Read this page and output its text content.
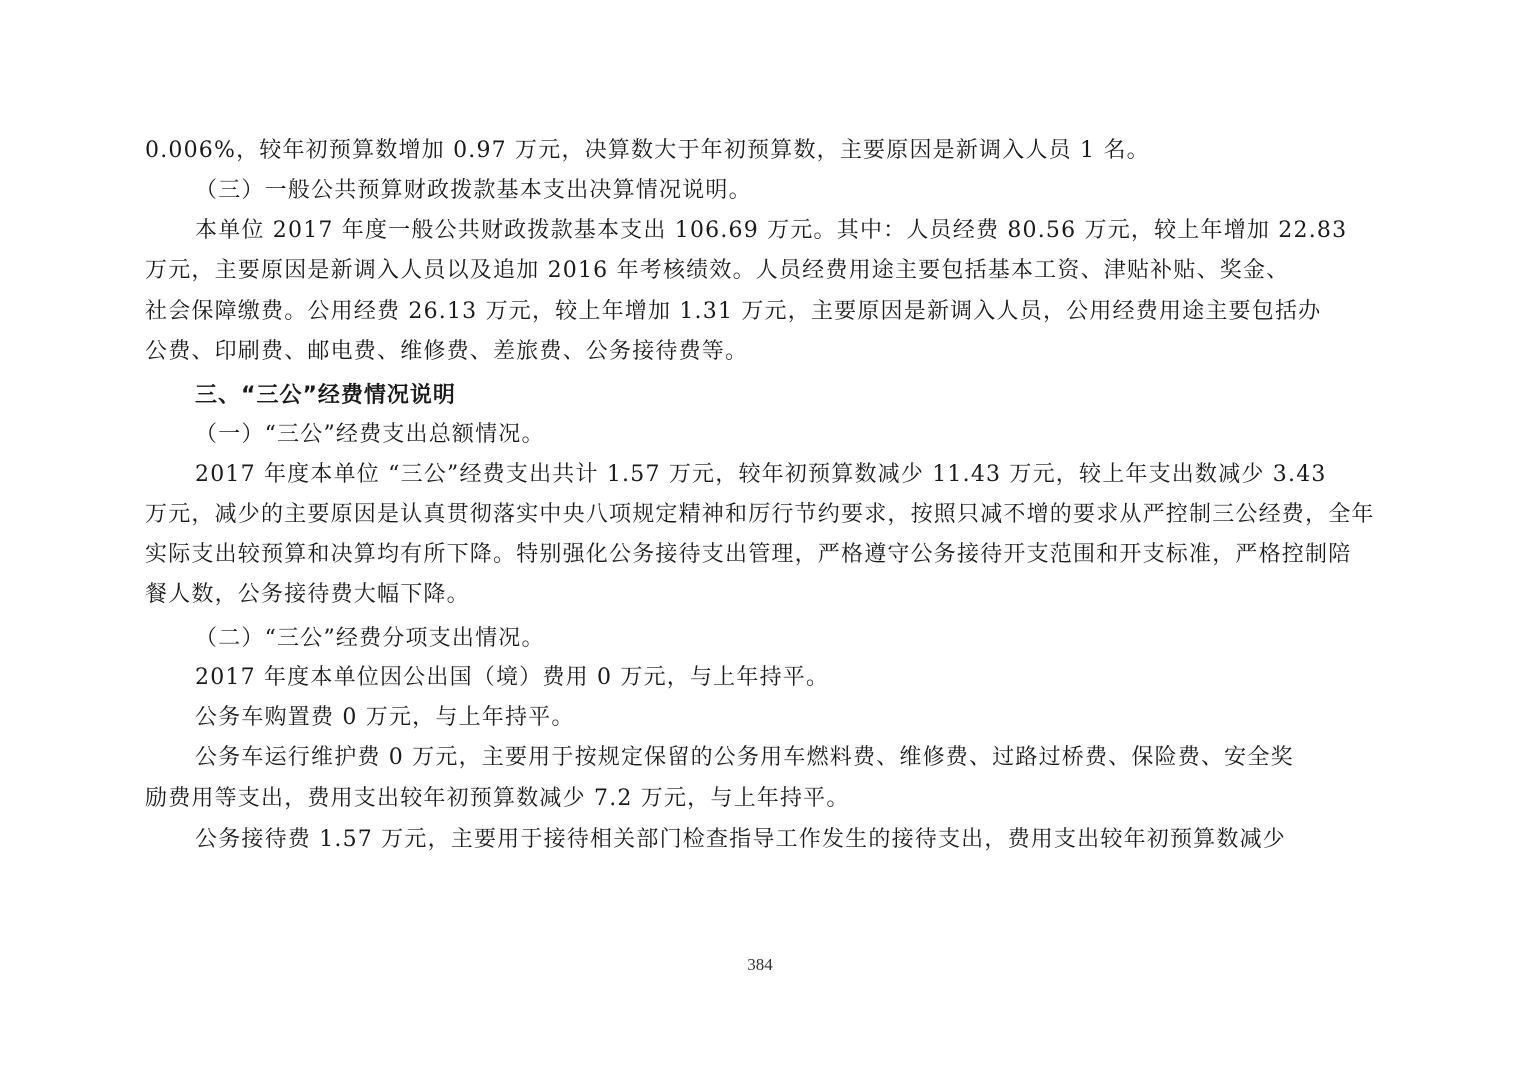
0.006%，较年初预算数增加 0.97 万元，决算数大于年初预算数，主要原因是新调入人员 1 名。
（三）一般公共预算财政拨款基本支出决算情况说明。
本单位 2017 年度一般公共财政拨款基本支出 106.69 万元。其中：人员经费 80.56 万元，较上年增加 22.83
万元，主要原因是新调入人员以及追加 2016 年考核绩效。人员经费用途主要包括基本工资、津贴补贴、奖金、
社会保障缴费。公用经费 26.13 万元，较上年增加 1.31 万元，主要原因是新调入人员，公用经费用途主要包括办
公费、印刷费、邮电费、维修费、差旅费、公务接待费等。
三、“三公”经费情况说明
（一）“三公”经费支出总额情况。
2017 年度本单位 “三公”经费支出共计 1.57 万元，较年初预算数减少 11.43 万元，较上年支出数减少 3.43
万元，减少的主要原因是认真贯彻落实中央八项规定精神和厉行节约要求，按照只减不增的要求从严控制三公经费，全年
实际支出较预算和决算均有所下降。特别强化公务接待支出管理，严格遵守公务接待开支范围和开支标准，严格控制陪
餐人数，公务接待费大幅下降。
（二）“三公”经费分项支出情况。
2017 年度本单位因公出国（境）费用 0 万元，与上年持平。
公务车购置费 0 万元，与上年持平。
公务车运行维护费 0 万元，主要用于按规定保留的公务用车燃料费、维修费、过路过桥费、保险费、安全奖
励费用等支出，费用支出较年初预算数减少 7.2 万元，与上年持平。
公务接待费 1.57 万元，主要用于接待相关部门检查指导工作发生的接待支出，费用支出较年初预算数减少
384
